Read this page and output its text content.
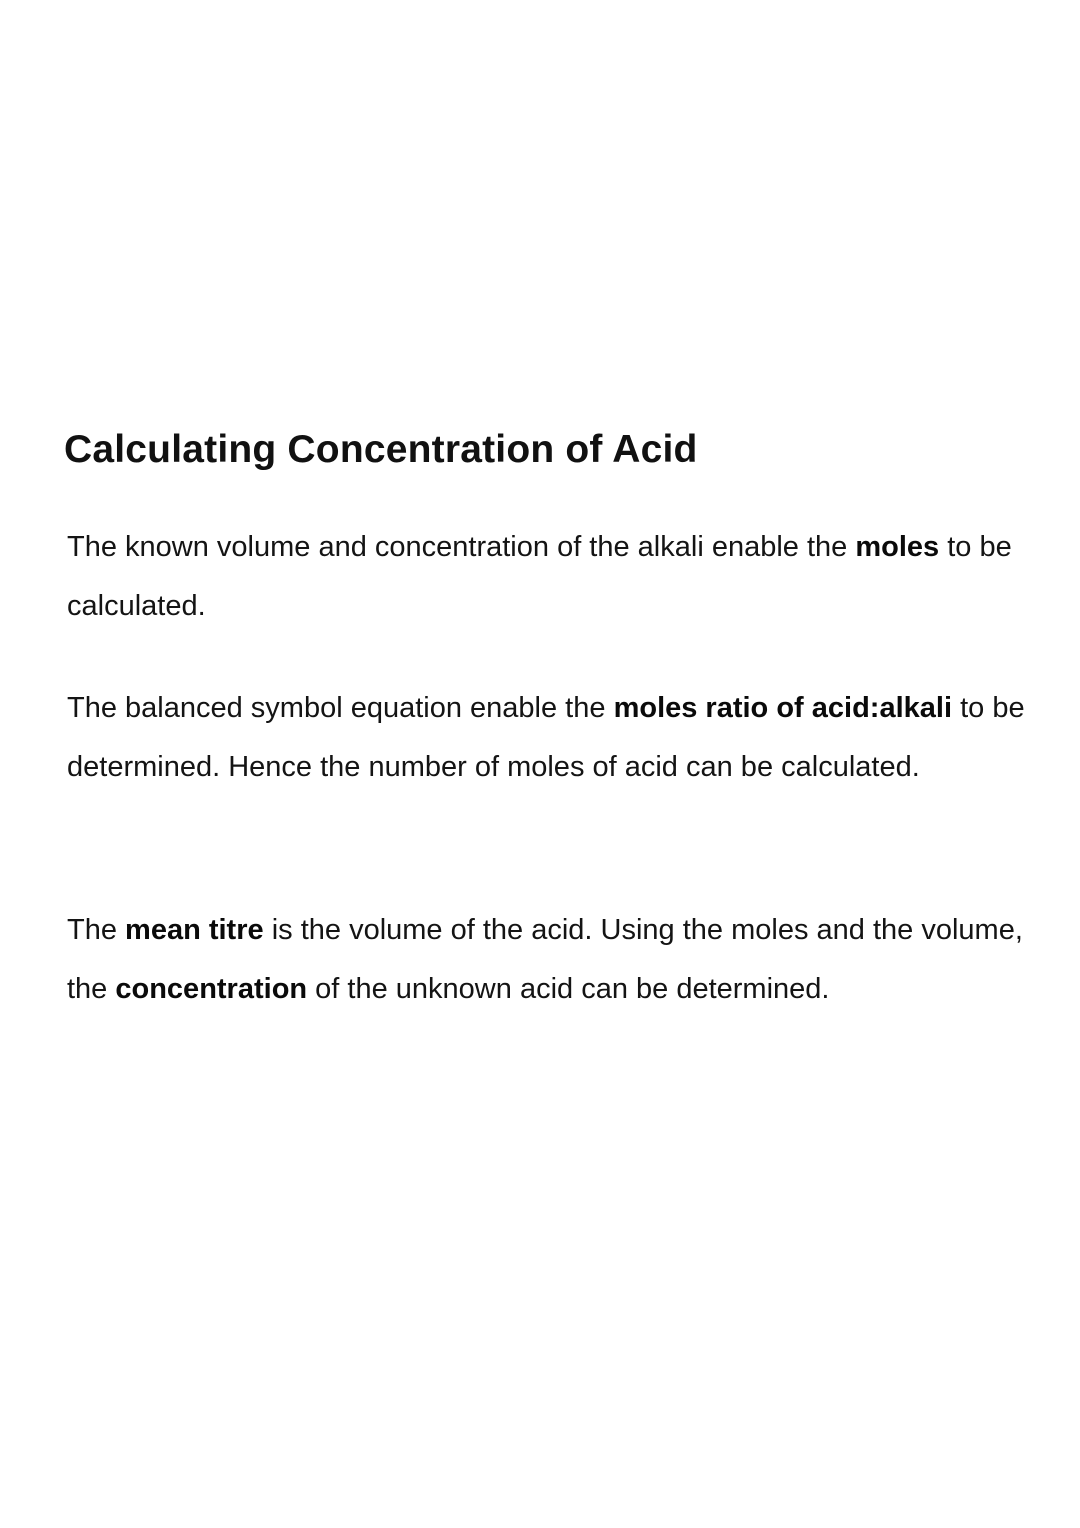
Calculating Concentration of Acid

The known volume and concentration of the alkali enable the moles to be calculated.

The balanced symbol equation enable the moles ratio of acid:alkali to be determined. Hence the number of moles of acid can be calculated.

The mean titre is the volume of the acid. Using the moles and the volume, the concentration of the unknown acid can be determined.
